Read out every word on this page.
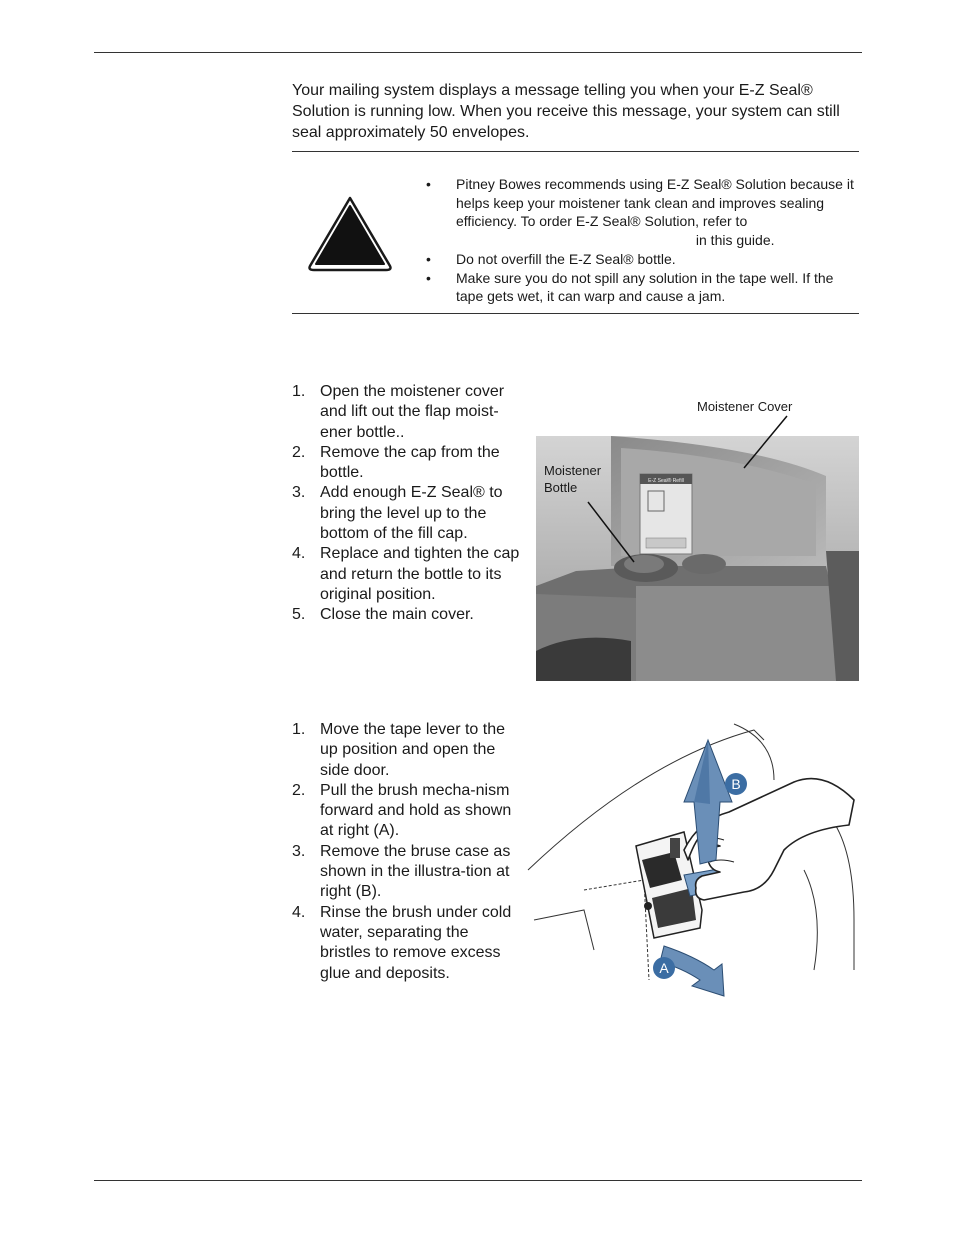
Your mailing system displays a message telling you when your E-Z Seal® Solution is running low. When you receive this message, your system can still seal approximately 50 envelopes.

• Pitney Bowes recommends using E-Z Seal® Solution because it helps keep your moistener tank clean and improves sealing efficiency. To order E-Z Seal® Solution, refer to  in this guide.
• Do not overfill the E-Z Seal® bottle.
• Make sure you do not spill any solution in the tape well. If the tape gets wet, it can warp and cause a jam.
1. Open the moistener cover and lift out the flap moist-ener bottle..
2. Remove the cap from the bottle.
3. Add enough E-Z Seal® to bring the level up to the bottom of the fill cap.
4. Replace and tighten the cap and return the bottle to its original position.
5. Close the main cover.
E-Z Seal® Refill
Moistener Cover
Moistener
Bottle
1. Move the tape lever to the up position and open the side door.
2. Pull the brush mecha-nism forward and hold as shown at right (A).
3. Remove the bruse case as shown in the illustra-tion at right (B).
4. Rinse the brush under cold water, separating the bristles to remove excess glue and deposits.
B
A
